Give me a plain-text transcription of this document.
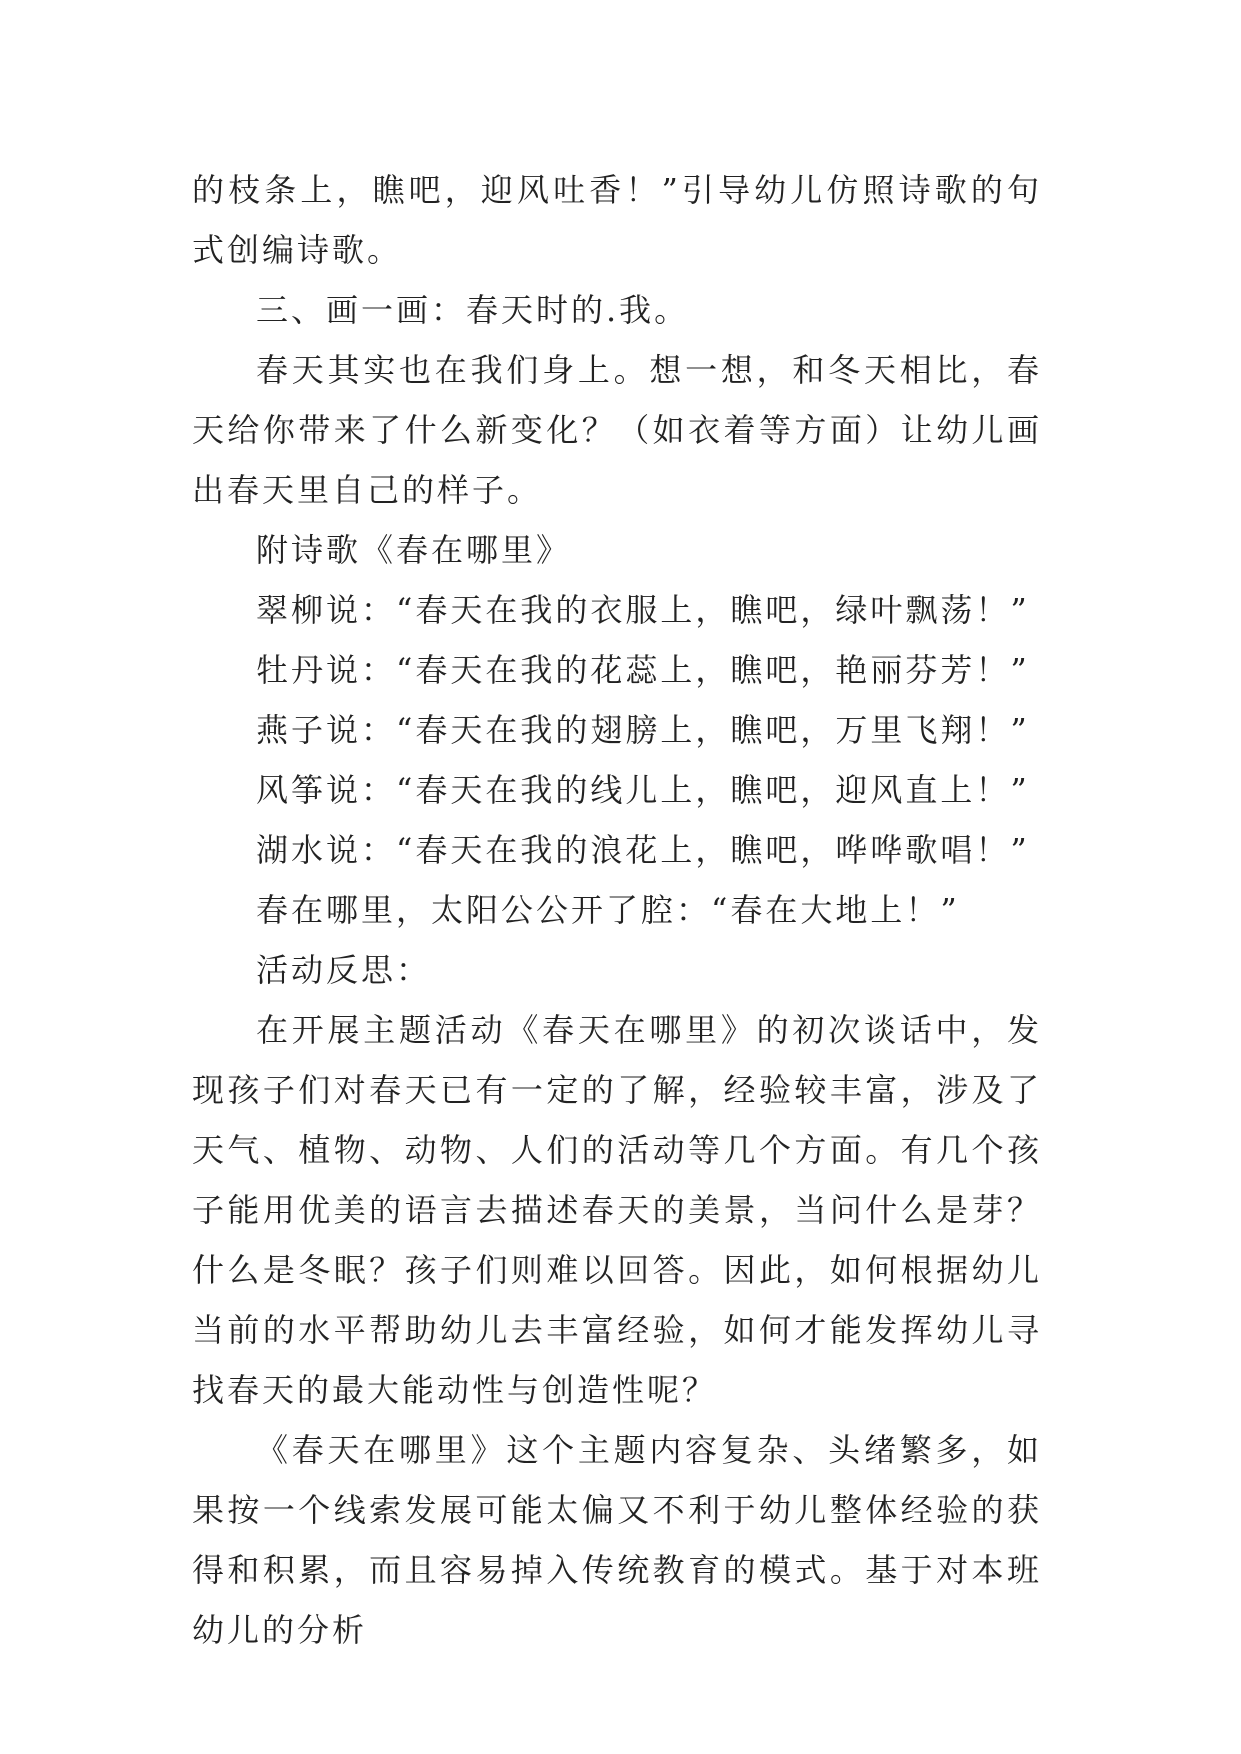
的枝条上，瞧吧，迎风吐香！”引导幼儿仿照诗歌的句式创编诗歌。

三、画一画：春天时的.我。

春天其实也在我们身上。想一想，和冬天相比，春天给你带来了什么新变化？（如衣着等方面）让幼儿画出春天里自己的样子。

附诗歌《春在哪里》

翠柳说：“春天在我的衣服上，瞧吧，绿叶飘荡！”

牡丹说：“春天在我的花蕊上，瞧吧，艳丽芬芳！”

燕子说：“春天在我的翅膀上，瞧吧，万里飞翔！”

风筝说：“春天在我的线儿上，瞧吧，迎风直上！”

湖水说：“春天在我的浪花上，瞧吧，哗哗歌唱！”

春在哪里，太阳公公开了腔：“春在大地上！”

活动反思：

在开展主题活动《春天在哪里》的初次谈话中，发现孩子们对春天已有一定的了解，经验较丰富，涉及了天气、植物、动物、人们的活动等几个方面。有几个孩子能用优美的语言去描述春天的美景，当问什么是芽？什么是冬眠？孩子们则难以回答。因此，如何根据幼儿当前的水平帮助幼儿去丰富经验，如何才能发挥幼儿寻找春天的最大能动性与创造性呢？

《春天在哪里》这个主题内容复杂、头绪繁多，如果按一个线索发展可能太偏又不利于幼儿整体经验的获得和积累，而且容易掉入传统教育的模式。基于对本班幼儿的分析
